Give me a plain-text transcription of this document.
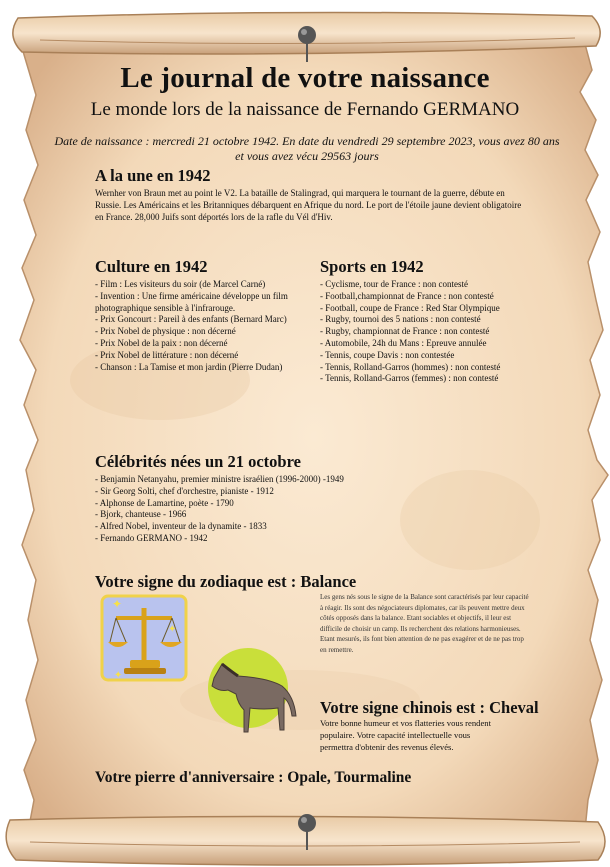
Le journal de votre naissance
Le monde lors de la naissance de Fernando GERMANO
Date de naissance : mercredi 21 octobre 1942. En date du vendredi 29 septembre 2023, vous avez 80 ans et vous avez vécu 29563 jours
A la une en 1942
Wernher von Braun met au point le V2. La bataille de Stalingrad, qui marquera le tournant de la guerre, débute en Russie. Les Américains et les Britanniques débarquent en Afrique du nord. Le port de l'étoile jaune devient obligatoire en France. 28,000 Juifs sont déportés lors de la rafle du Vél d'Hiv.
Culture en 1942
- Film : Les visiteurs du soir (de Marcel Carné)
- Invention : Une firme américaine développe un film photographique sensible à l'infrarouge.
- Prix Goncourt : Pareil à des enfants (Bernard Marc)
- Prix Nobel de physique : non décerné
- Prix Nobel de la paix : non décerné
- Prix Nobel de littérature : non décerné
- Chanson : La Tamise et mon jardin (Pierre Dudan)
Sports en 1942
- Cyclisme, tour de France : non contesté
- Football,championnat de France : non contesté
- Football, coupe de France : Red Star Olympique
- Rugby, tournoi des 5 nations : non contesté
- Rugby, championnat de France : non contesté
- Automobile, 24h du Mans : Epreuve annulée
- Tennis, coupe Davis : non contestée
- Tennis, Rolland-Garros (hommes) : non contesté
- Tennis, Rolland-Garros (femmes) : non contesté
Célébrités nées un 21 octobre
- Benjamin Netanyahu, premier ministre israélien (1996-2000) -1949
- Sir Georg Solti, chef d'orchestre, pianiste - 1912
- Alphonse de Lamartine, poète - 1790
- Bjork, chanteuse - 1966
- Alfred Nobel, inventeur de la dynamite - 1833
- Fernando GERMANO - 1942
Votre signe du zodiaque est : Balance
✦
✦
✦
Les gens nés sous le signe de la Balance sont caractérisés par leur capacité à réagir. Ils sont des négociateurs diplomates, car ils peuvent mettre deux côtés opposés dans la balance. Etant sociables et objectifs, il leur est difficile de choisir un camp. Ils recherchent des relations harmonieuses. Etant mesurés, ils font bien attention de ne pas exagérer et de ne pas trop en remettre.
Votre signe chinois est : Cheval
Votre bonne humeur et vos flatteries vous rendent populaire. Votre capacité intellectuelle vous permettra d'obtenir des revenus élevés.
Votre pierre d'anniversaire : Opale, Tourmaline
